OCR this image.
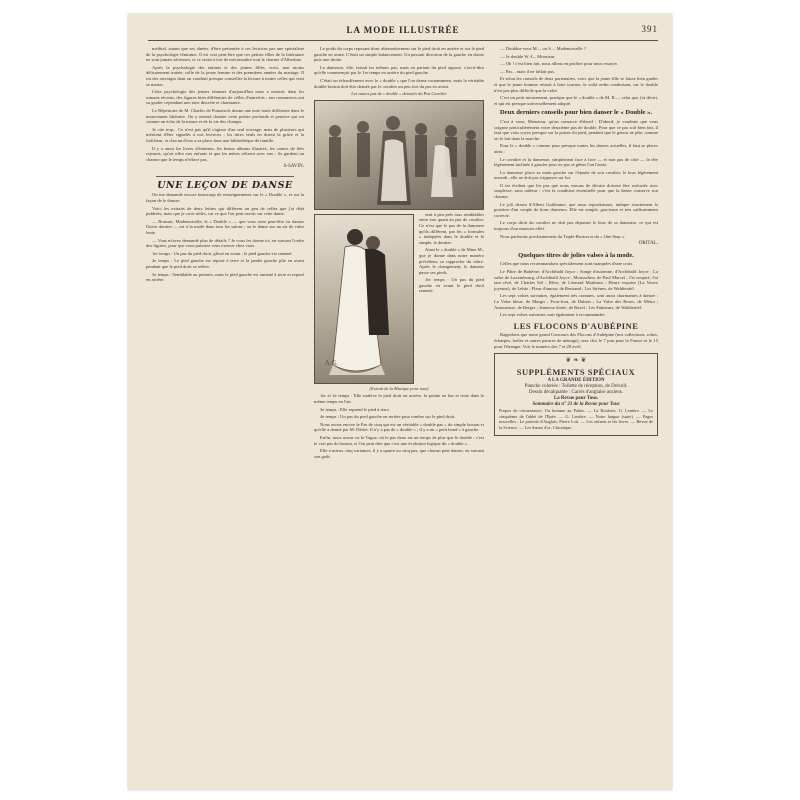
LA MODE ILLUSTRÉE	391

médital, autant que ses aînées, d'être présentée à ces lectrices par une spécialiste de la psychologie féminine. Il est vrai peut-être que ces petites filles de la littérature ne sont jamais sérieuses, et ce serait à tort de méconnaître tout le charme d'Albertine.

Après la psychologie des enfants et des jeunes filles, voici, non moins délicatement traitée, celle de la jeune femme et des premières années du mariage. Il est des ouvrages dont on voudrait presque conseiller la lecture à toutes celles qui vont se marier.

Cette psychologie des jeunes femmes d'aujourd'hui nous a montré, dans les romans récents, des figures bien différentes de celles d'autrefois ; nos romanciers ont su garder cependant une note discrète et charmante.

Le Répertoire de M. Charles de Pomairols donne une note toute différente dans le mouvement littéraire. On y entend chanter cette poésie profonde et pensive qui est comme un écho de la nature et de la vie des champs.

Je cite trop... Ce n'est pas qu'il s'agisse d'un seul ouvrage, mais de plusieurs qui méritent d'être signalés à nos lectrices ; les titres seuls en disent la grâce et la fraîcheur, et chacun d'eux a sa place dans une bibliothèque de famille.

Il y a aussi les livres d'étrennes, les beaux albums illustrés, les contes de fées rajeunis, qu'on offre aux enfants et que les mères relisent avec eux ; ils gardent un charme que le temps n'efface pas.

S-SAVIN.
UNE LEÇON DE DANSE

On me demande encore beaucoup de renseignements sur le « Double », et sur la façon de le danser.

Voici les extraits de deux lettres qui diffèrent un peu de celles que j'ai déjà publiées, mais que je crois utiles, car ce que l'on peut savoir sur cette danse.

— Bonsoir, Mademoiselle, le « Double » — que vous avez peut-être vu danser l'hiver dernier — est à la mode dans tous les salons ; on le danse sur un air de valse lente.

— Vous m'avez demandé plus de détails ? Je vous les donne ici, en suivant l'ordre des figures, pour que vous puissiez vous exercer chez vous.

1er temps : Un pas du pied droit, glissé en avant ; le pied gauche est ramené.

2e temps : Le pied gauche est reposé à terre et la jambe gauche plie en avant pendant que le pied droit se relève.

3e temps : Semblable au premier, mais le pied gauche est ramené à terre et reposé en arrière.

Le poids du corps reposant donc alternativement sur le pied droit en arrière et sur le pied gauche en avant. C'était un simple balancement. Un passant direction de la gauche en droite puis une droite.

La danseuse, elle, faisait les mêmes pas, mais en partant du pied opposé, c'est-à-dire qu'elle commençait par le 1er temps en arrière du pied gauche.

C'était un échauffement avec le « double » que l'on danse couramment, mais la véritable double boston doit être dansée par le cavalier un peu fort du pas en avant.

Les autres pas de « double » dessinés du Pas Cavalier
A.G.

sent à peu près tous semblables entre eux quant au pas de cavalier. Ce n'est que le pas de la danseuse qu'ils diffèrent, par les « formules » indiquées dans le double et le simple, le dernier.

Ainsi le « double » de Mme M., que je donne dans notre numéro précédent, se rapproche du nôtre. Après le changement, le danseur passe ses pieds.

1er temps : Un pas du pied gauche en avant le pied droit ramené.

(Extrait de la Musique pour tous)

1er et 2e temps : Elle soulève le pied droit en arrière, la pointe en bas et reste dans le même temps en l'air.

3e temps : Elle reprend le pied à terre.

4e temps : Un pas du pied gauche en arrière pour tomber sur le pied droit.

Nous avons encore le Pas de cinq qui est un véritable « double pas » du simple boston et qu'elle a donné par M. Dérlet. Il n'y a pas de « double » ; il y a un « petit bond » à gauche.

Enfin, nous avons vu la Vague, où le pas deux est un temps de plus que le double ; c'est le vrai pas de boston, et l'on peut dire que c'est une évolution logique du « double ».

Elle a mieux cinq variantes, il y a quatre ou cinq pas, que chacun peut danser, en suivant son goût.

— Doublez-vous M..., ou S..., Mademoiselle ?

— Je double W.-L., Monsieur.

— Oh ! c'est bien fait, nous allons en profiter pour nous essayer.

— Pas... mais il ne fallait pas.

Et selon les conseils de deux partenaires, voici que la jeune fille se laisse bien guider et que le jeune homme réussit à faire tourner, le voilà enfin conduisant, car le double n'est pas plus difficile que la valse.

C'est un petit mouvement, pratique que le « double » de M. B...., celui que j'ai décrit, et qui est presque universellement adopté.

Deux derniers conseils pour bien danser le « Double ».

C'est à vous, Monsieur, qu'on consacre d'abord : D'abord, je voudrais que vous soignez particulièrement votre deuxième pas de double. Pour que ce pas soit bien fait, il faut que vous soyez presque sur la pointe du pied, pendant que le genou ne plie, comme on le fait dans la marche.

Pour le « double » comme pour presque toutes les danses actuelles, il faut se placer ainsi :

Le cavalier et la danseuse, simplement face à face — et non pas de côté — la tête légèrement inclinée à gauche pour ne pas se gêner l'un l'autre.

La danseuse place sa main gauche sur l'épaule de son cavalier, le bras légèrement arrondi ; elle ne doit pas s'appuyer sur lui.

Il est évident que les pas que nous venons de décrire doivent être exécutés avec souplesse, sans raideur ; c'est la condition essentielle pour que la danse conserve son charme.

Le joli dessin d'Albert Guillaume, que nous reproduisons, indique exactement la position d'un couple de bons danseurs. Elle est simple, gracieuse et très suffisamment correcte.

Le corps droit du cavalier ne doit pas dépasser le bras de sa danseuse, ce qui est toujours d'un mauvais effet.

Nous parlerons prochainement du Triple-Boston et du « One Step ».

ORITAL.
Quelques titres de jolies valses à la mode.

Celles que nous recommandons spécialement sont marquées d'une croix.

Le Pâtre de Bohême, d'Archibald Joyce ; Songe d'automne, d'Archibald Joyce ; La valse de Luxembourg, d'Archibald Joyce ; Mousseline, de Paul Marcel ; J'ai soupiré, J'ai tant rêvé, de Charles Sol ; Rêve, de Léonard Monbrun ; Heure exquise (La Veuve joyeuse), de Lehár ; Fleur d'amour, de Bertrand ; Les Sirènes, de Waldteufel.

Les sept valses suivantes, également très connues, sont aussi charmantes à danser : La Valse bleue, de Margis ; Frou-frou, de Dubois ; La Valse des Roses, de Métra ; Amoureuse, de Berger ; Jeunesse dorée, de Ravel ; Les Patineurs, de Waldteufel.

Les sept valses suivantes sont également à recommander.

LES FLOCONS D'AUBÉPINE

Rappelons que notre grand Concours des Flocons d'Aubépine (nos collections, robes, écharpes, boîtes et autres parures de ménage), sera clos le 7 juin pour la France et le 15 pour l'étranger. Voir le numéro des 7 et 28 avril.

❦ ❧ ❦
SUPPLÉMENTS SPÉCIAUX
A LA GRANDE ÉDITION
Planche coloriée : Toilette de réception, de Drécoll.
Dessin décalquable : Carrés d'anglaise anciens.
La Revue pour Tous.
Sommaire du n° 21 de la Revue pour Tous

Propos de circonstance, Un homme au Palais. — La Roulotte, G. Lenôtre. — Le cinquième de l'abbé de l'Epée. — G. Lenôtre. — Notre langue (suite). — Pages nouvelles : Le patriote d'Anglais, Pierre Loti. — Les enfants et les livres. — Revue de la Science. — Les Sœurs d'or, Chronique.
